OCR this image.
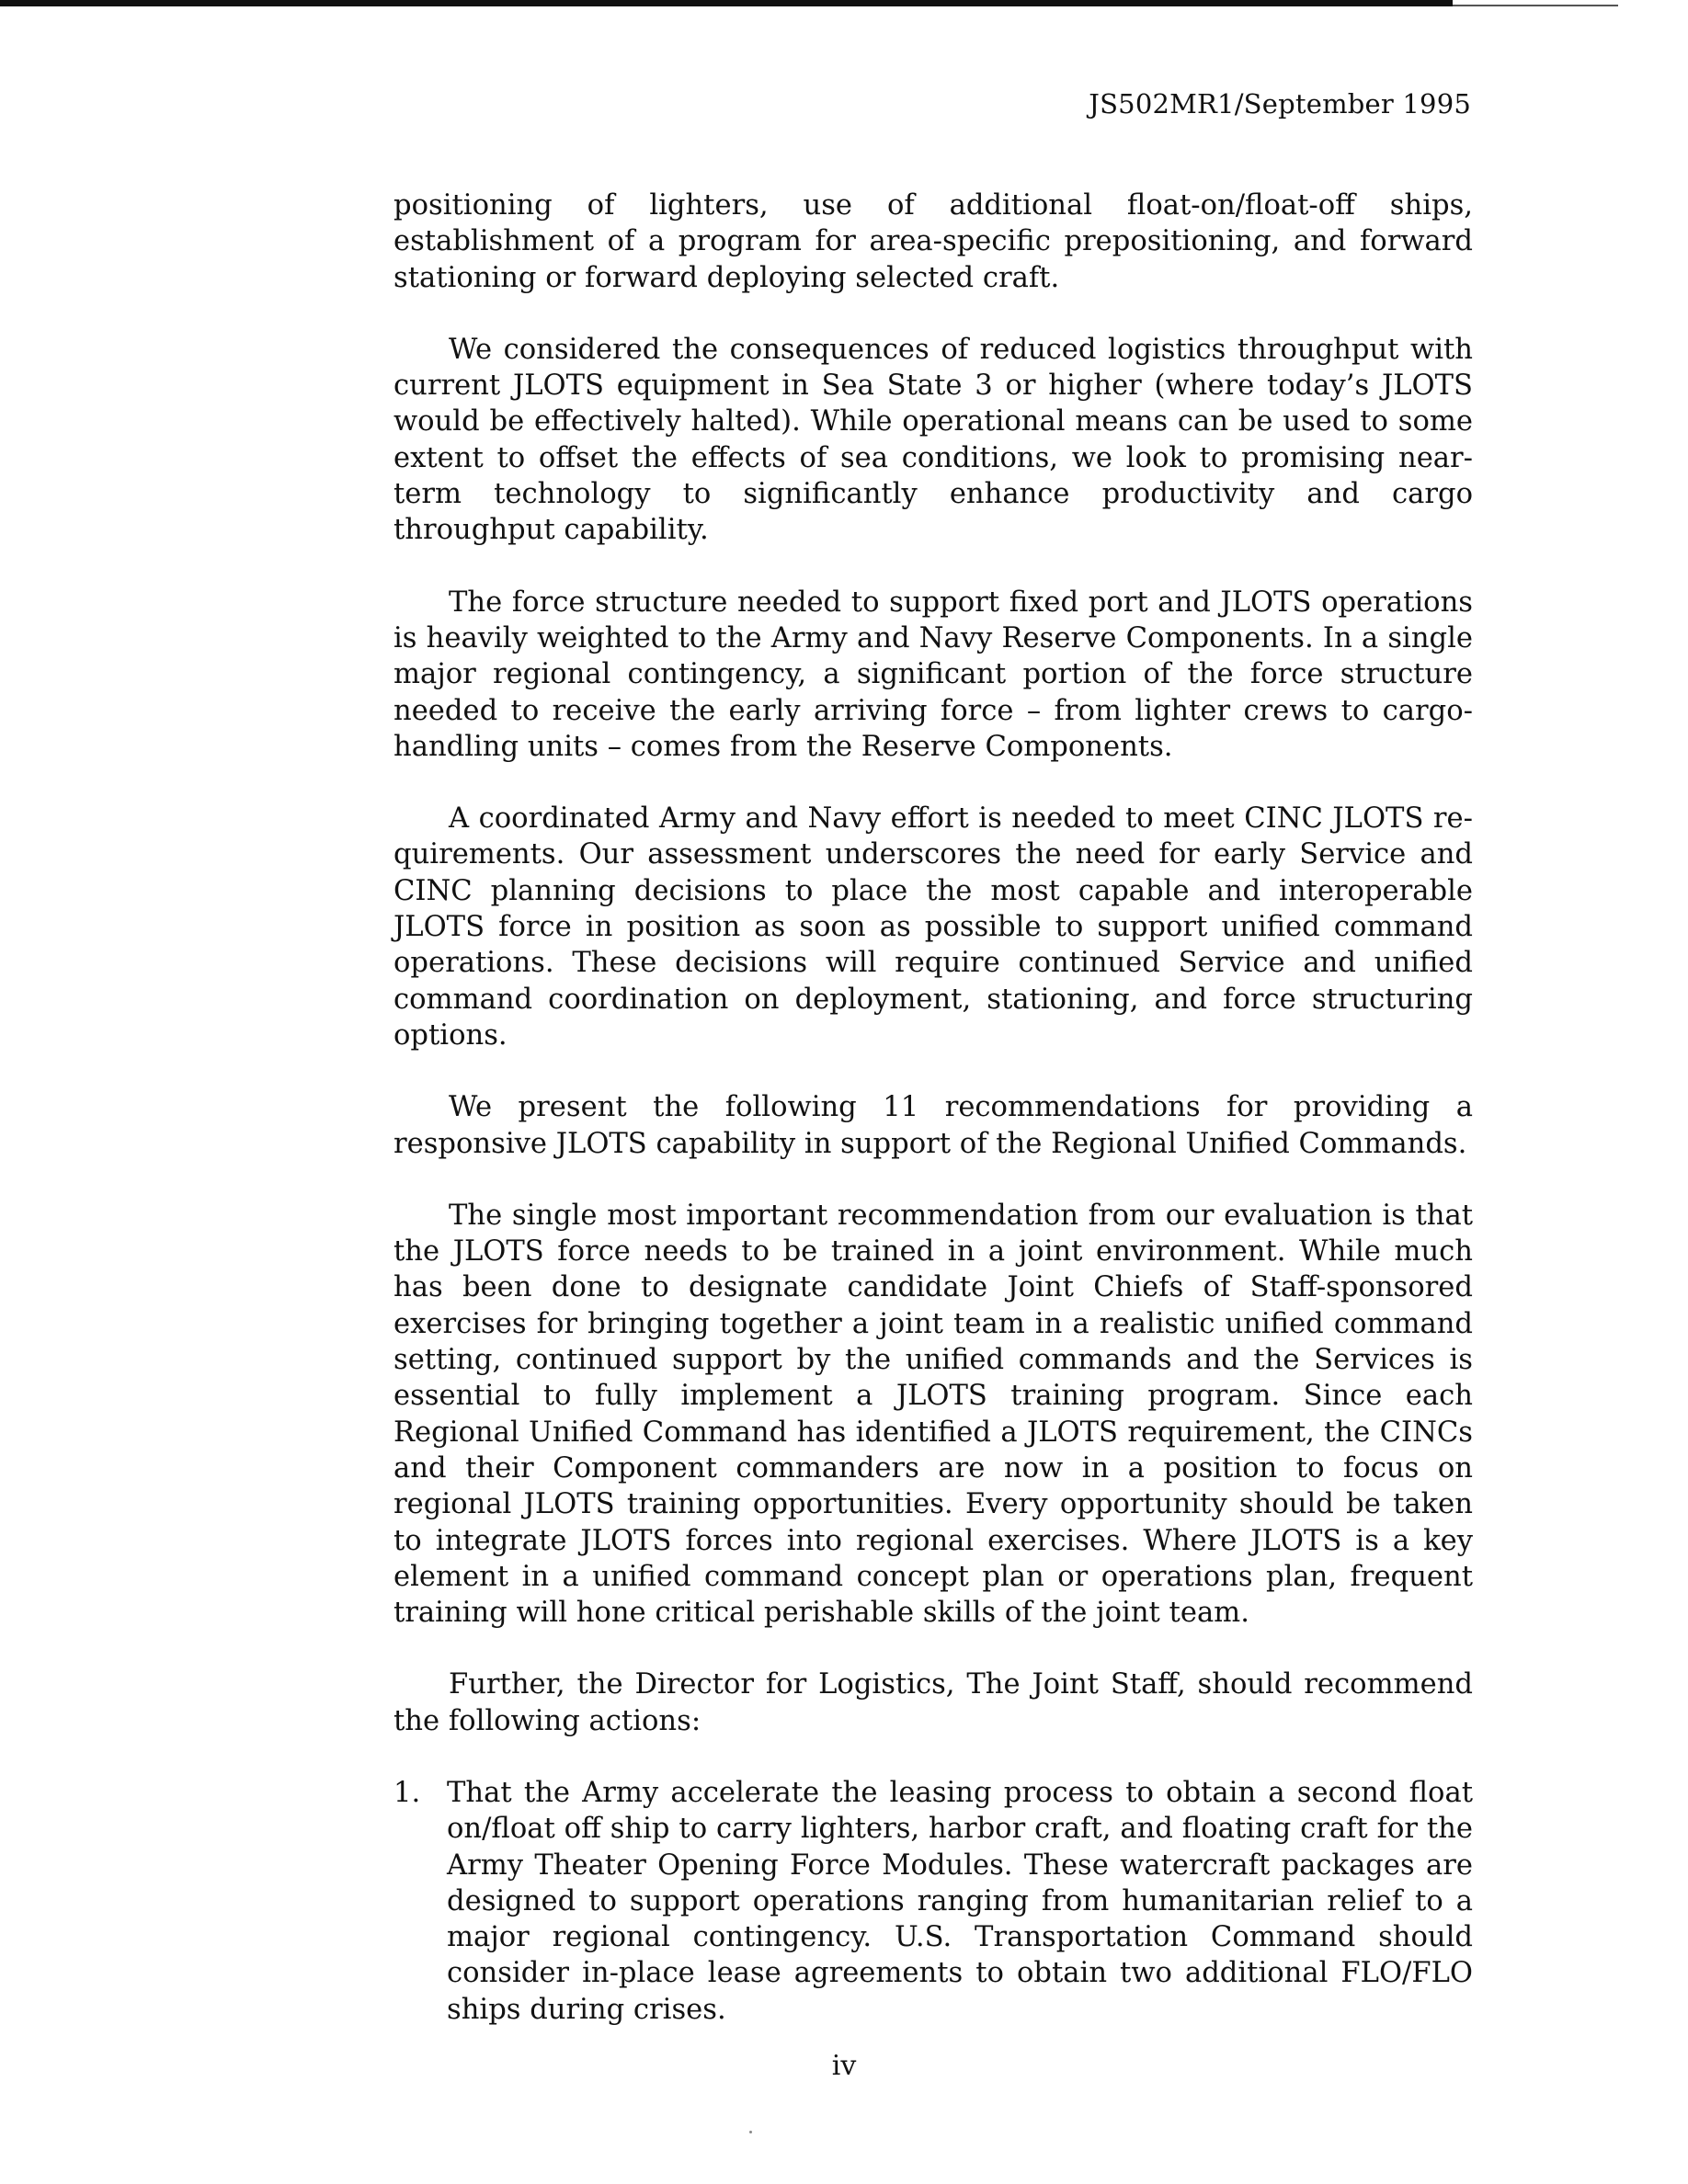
JS502MR1/September 1995

positioning of lighters, use of additional float-on/float-off ships, establishment of a program for area-specific prepositioning, and forward stationing or forward deploying selected craft.

We considered the consequences of reduced logistics throughput with current JLOTS equipment in Sea State 3 or higher (where today’s JLOTS would be effectively halted). While operational means can be used to some extent to offset the effects of sea conditions, we look to promising near-term technology to significantly enhance productivity and cargo throughput capability.

The force structure needed to support fixed port and JLOTS operations is heavily weighted to the Army and Navy Reserve Components. In a single major regional contingency, a significant portion of the force structure needed to receive the early arriving force – from lighter crews to cargo-handling units – comes from the Reserve Components.

A coordinated Army and Navy effort is needed to meet CINC JLOTS requirements. Our assessment underscores the need for early Service and CINC planning decisions to place the most capable and interoperable JLOTS force in position as soon as possible to support unified command operations. These decisions will require continued Service and unified command coordination on deployment, stationing, and force structuring options.

We present the following 11 recommendations for providing a responsive JLOTS capability in support of the Regional Unified Commands.

The single most important recommendation from our evaluation is that the JLOTS force needs to be trained in a joint environment. While much has been done to designate candidate Joint Chiefs of Staff-sponsored exercises for bringing together a joint team in a realistic unified command setting, continued support by the unified commands and the Services is essential to fully implement a JLOTS training program. Since each Regional Unified Command has identified a JLOTS requirement, the CINCs and their Component commanders are now in a position to focus on regional JLOTS training opportunities. Every opportunity should be taken to integrate JLOTS forces into regional exercises. Where JLOTS is a key element in a unified command concept plan or operations plan, frequent training will hone critical perishable skills of the joint team.

Further, the Director for Logistics, The Joint Staff, should recommend the following actions:

1. That the Army accelerate the leasing process to obtain a second float on/float off ship to carry lighters, harbor craft, and floating craft for the Army Theater Opening Force Modules. These watercraft packages are designed to support operations ranging from humanitarian relief to a major regional contingency. U.S. Transportation Command should consider in-place lease agreements to obtain two additional FLO/FLO ships during crises.
iv
